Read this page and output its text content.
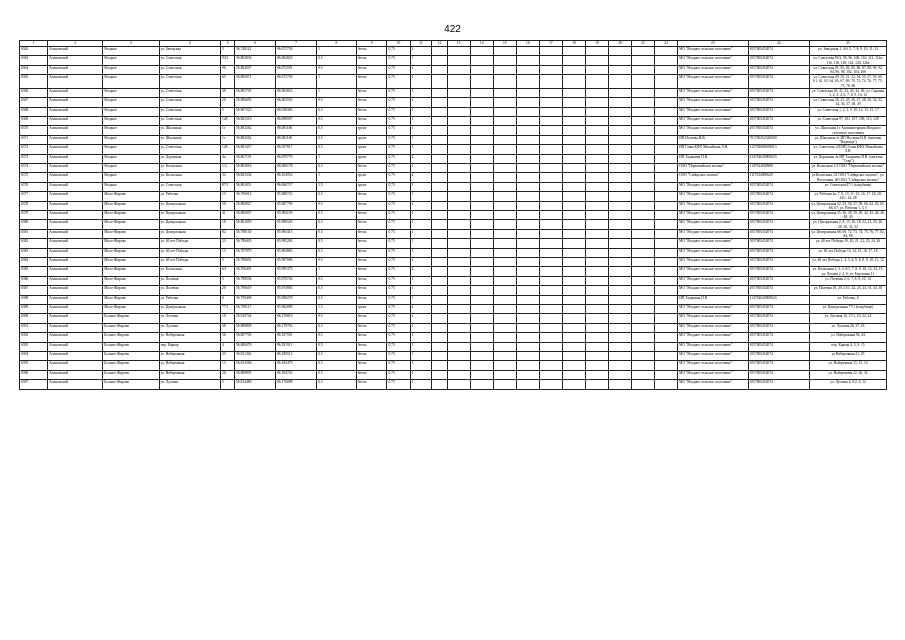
422
1	2	3	4	5	6	7	8	9	10	11	12	13	14	15	16	17	18	19	20	21	22	23	24	25
6362	Асиновский	Ягодное	ул. Заводская	5	56.748121	86.072750	1	бетон	0.75	2												МО "Ягодное сельское поселение"	1057005452074	ул. Заводская 1, 4-6, 5, 7, 8, 9, 10, 11, 12
6363	Асиновский	Ягодное	ул. Советская	93/1	56.805836	86.084820	0.5	бетон	0.75	1												МО "Ягодное сельское поселение"	1057005452074	ул. Советская 93/2, 95, 96, 106, 110, 112, 114а, 116, 118, 120, 122, 124, 126а
6364	Асиновский	Ягодное	ул. Советская	96	56.804507	86.072591	0.5	бетон	0.75	1												МО "Ягодное сельское поселение"	1057005452074	ул. Советская 81, 83, 84, 85, 86, 87, 88, 90, 92, 94, 96, 98, 102, 104, 106
6365	Асиновский	Ягодное	ул. Советская	65	56.805071	86.072750	1	бетон	0.75	1												МО "Ягодное сельское поселение"	1057005452074	ул. Советская 49, 50, 51, 52, 54, 55, 57, 59, 60, 61, 62, 63, 64, 65, 67, 69, 70, 72, 74, 76, 77, 75, 73, 78, 80
6366	Асиновский	Ягодное	ул. Советская	48	56.805705	86.063823	1	бетон	0.75	1												МО "Ягодное сельское поселение"	1057005452074	ул. Советская 40, 41, 42, 43, 44, 46; ул. Садовая 1, 2, 3, 4, 6, 7, 8, 9, 10, 12
6367	Асиновский	Ягодное	ул. Советская	20	56.806695	86.063592	0.5	бетон	0.75	1												МО "Ягодное сельское поселение"	1057005452074	ул. Советская 20, 23, 25, 26, 27, 28, 30, 32, 33, 34, 36, 37, 38, 39
6368	Асиновский	Ягодное	ул. Советская	5	56.807223	86.058383	0.5	бетон	0.75	1												МО "Ягодное сельское поселение"	1057005452074	ул. Советская 1, 2, 3, 5, 10, 12, 13, 15, 17
6369	Асиновский	Ягодное	ул. Советская	128	56.803310	86.098597	0.5	бетон	0.75	1												МО "Ягодное сельское поселение"	1057005452074	ул. Советская 97, 101, 107, 109, 115, 128
6370	Асиновский	Ягодное	ул. Школьная	1г	56.803262	86.081160	0.5	грунт	0.75	1												МО "Ягодное сельское поселение"	1057005452074	ул. Школьная 1г Администрация Ягодного сельского поселения
6371	Асиновский	Ягодное	ул. Школьная	1г	56.803262	86.081160	0.5	грунт	0.75	1												ИП Носкова И.В.	701700252320000	ул. Школьная 1г ИП Носкова И.В. (магазин "Надежда")
6372	Асиновский	Ягодное	ул. Советская	128	56.803457	86.057817	0.5	грунт	0.75	1												ИП Глава КФХ Михайлова Л.Н.	312702686100013	ул. Советская 128 ИП Глава КФХ Михайлова Л.Н.
6373	Асиновский	Ягодное	ул. Дорожная	4а	56.807191	86.070770	1	грунт	0.75	2												ИП Тадыкина П.В.	314702620900023	ул. Дорожная 4а ИП Тадыкина П.В. (магазин "Стар")
6374	Асиновский	Ягодное	ул. Колхозная	1/2	56.803016	86.060178	0.5	бетон	0.75	1												ООО "Первомайское молоко"	1147024000980	ул. Колхозная 1/2 ООО "Первомайское молоко"
6375	Асиновский	Ягодное	ул. Колхозная	32	56.803334	86.104952	1	грунт	0.75	2												ООО "Сибирское молоко"	1117024000620	ул.Колхозная, 32 ООО "Сибирское молоко"; ул. Восточная, 48 ООО "Сибирское молоко"
6376	Асиновский	Ягодное	ул. Советская	87/1	56.802851	86.060727	1.5	грунт	0.75	3												МО "Ягодное сельское поселение"	1057005452074	ул. Советская 87/1 (кладбище)
6377	Асиновский	Мало-Жирово	ул. Рабочая	15	56.796912	85.988723	0.5	бетон	0.75	1												МО "Ягодное сельское поселение"	1057005452074	ул. Рабочая 2а, 7, 9, 13, 11, 15, 16, 17, 18, 20, 24/1, 22, 28
6378	Асиновский	Мало-Жирово	ул. Центральная	59	56.800927	85.987790	0.5	бетон	0.75	1												МО "Ягодное сельское поселение"	1057005452074	ул. Центральная 52, 55, 56, 57, 59, 60, 62, 63, 65, 66, 67; ул. Рабочая 1, 3, 5
6379	Асиновский	Мало-Жирово	ул. Центральная	41	56.800007	85.994159	0.5	бетон	0.75	1												МО "Ягодное сельское поселение"	1057005452074	ул. Центральная 35, 36, 38, 39, 40, 42, 43, 44, 46, 48, 49
6380	Асиновский	Мало-Жирово	ул. Центральная	18	56.801059	85.996520	0.5	бетон	0.75	1												МО "Ягодное сельское поселение"	1057005452074	ул. Центральная 2, 8, 15, 16, 18, 22, 23, 25, 26, 28, 30, 31, 32
6381	Асиновский	Мало-Жирово	ул. Центральная	82	56.798130	85.983413	0.5	бетон	0.75	1												МО "Ягодное сельское поселение"	1057005452074	ул. Центральная 68, 69, 72, 73, 74, 75, 76, 77, 82, 84, 88
6382	Асиновский	Мало-Жирово	ул. 40 лет Победы	23	56.798405	85.995200	0.5	бетон	0.75	1												МО "Ягодное сельское поселение"	1057005452074	ул. 40 лет Победы 19, 20, 21, 22, 23, 24, 26
6383	Асиновский	Мало-Жирово	ул. 40 лет Победы	15	56.797979	85.994865	0.5	бетон	0.75	1												МО "Ягодное сельское поселение"	1057005452074	ул. 40 лет Победы 13, 14, 15, 16, 17, 18
6384	Асиновский	Мало-Жирово	ул. 40 лет Победы	5	56.798001	85.997086	0.5	бетон	0.75	1												МО "Ягодное сельское поселение"	1057005452074	ул. 40 лет Победы 1, 2, 3, 4, 5, 6, 8, 9, 10, 11, 12
6385	Асиновский	Мало-Жирово	ул. Колхозная	6/1	56.796491	85.995375	1	бетон	0.75	2												МО "Ягодное сельское поселение"	1057005452074	ул. Колхозная 2, 3, 4, 6/1, 7, 8, 9, 10, 12, 13, 15; ул. Лесная 2, 4, 6; ул. Береговая 11
6386	Асиновский	Мало-Жирово	ул. Полевая	5	56.798594	85.970726	0.5	бетон	0.75	1												МО "Ягодное сельское поселение"	1057005452074	ул. Полевая 2, 6, 7, 8, 9, 10, 14
6387	Асиновский	Мало-Жирово	ул. Полевая	20	56.796619	85.974983	0.5	бетон	0.75	1												МО "Ягодное сельское поселение"	1057005452074	ул. Полевая 18, 20, 21/1, 22, 23, 24, 31, 34, 38
6388	Асиновский	Мало-Жирово	ул. Рабочая	6	56.799498	85.998278	0.5	бетон	0.75	1												ИП Тадыкина П.В.	314702620900023	ул. Рабочая, 6
6389	Асиновский	Мало-Жирово	ул. Центральная	77/1	56.799117	85.982089	1.5	грунт	0.75	2												МО "Ягодное сельское поселение"	1057005452074	ул. Центральная 77/1 (кладбище)
6390	Асиновский	Больше-Жирово	ул. Луговая	19	56.810744	86.176810	0.5	бетон	0.75	1												МО "Ягодное сельское поселение"	1057005452074	ул. Луговая 16, 17/1, 19, 22, 24
6391	Асиновский	Больше-Жирово	ул. Луговая	38	56.808809	86.170763	0.5	бетон	0.75	1												МО "Ягодное сельское поселение"	1057005452074	ул. Луговая 26, 37, 43
6392	Асиновский	Больше-Жирово	ул. Набережная	56	56.807703	86.167501	0.5	бетон	0.75	1												МО "Ягодное сельское поселение"	1057005452074	ул. Набережная 56, 44
6393	Асиновский	Больше-Жирово	пер. Карьер	4	56.808478	86.181911	0.5	бетон	0.75	1												МО "Ягодное сельское поселение"	1057005452074	пер. Карьер 4, 5, 9, 15
6394	Асиновский	Больше-Жирово	ул. Набережная	25	56.811326	86.180513	0.5	бетон	0.75	1												МО "Ягодное сельское поселение"	1057005452074	ул.Набережная 21, 25
6395	Асиновский	Больше-Жирово	ул. Набережная	15	56.814366	86.182479	0.5	бетон	0.75	1												МО "Ягодное сельское поселение"	1057005452074	ул. Набережная 15, 13, 14
6396	Асиновский	Больше-Жирово	ул. Набережная	26	56.808905	86.184743	0.5	бетон	0.75	1												МО "Ягодное сельское поселение"	1057005452074	ул. Набережная 22, 26, 32
6397	Асиновский	Больше-Жирово	ул. Луговая	5	56.814480	86.176098	0.5	бетон	0.75	1												МО "Ягодное сельское поселение"	1057005452074	ул. Луговая 4, 5/2, 6, 12
